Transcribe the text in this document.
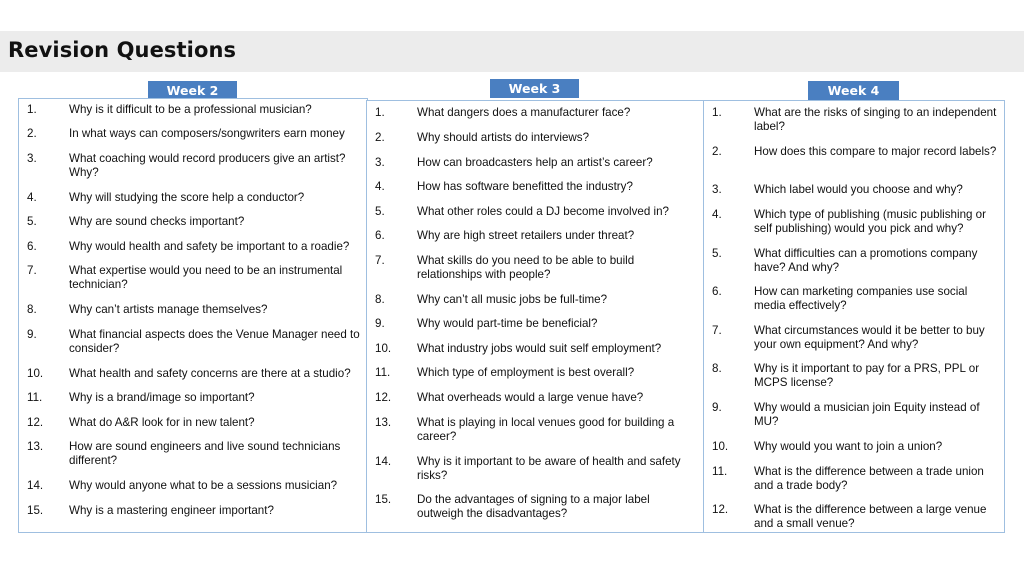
Revision Questions
Week 2
1.	Why is it difficult to be a professional musician?
2.	In what ways can composers/songwriters earn money
3.	What coaching would record producers give an artist? Why?
4.	Why will studying the score help a conductor?
5.	Why are sound checks important?
6.	Why would health and safety be important to a roadie?
7.	What expertise would you need to be an instrumental technician?
8.	Why can’t artists manage themselves?
9.	What financial aspects does the Venue Manager need to consider?
10. What health and safety concerns are there at a studio?
11. Why is a brand/image so important?
12. What do A&R look for in new talent?
13. How are sound engineers and live sound technicians different?
14. Why would anyone what to be a sessions musician?
15. Why is a mastering engineer important?
Week 3
1.	What dangers does a manufacturer face?
2.	Why should artists do interviews?
3.	How can broadcasters help an artist’s career?
4.	How has software benefitted the industry?
5.	What other roles could a DJ become involved in?
6.	Why are high street retailers under threat?
7.	What skills do you need to be able to build relationships with people?
8.	Why can’t all music jobs be full-time?
9.	Why would part-time be beneficial?
10. What industry jobs would suit self employment?
11. Which type of employment is best overall?
12. What overheads would a large venue have?
13. What is playing in local venues good for building a career?
14. Why is it important to be aware of health and safety risks?
15. Do the advantages of signing to a major label outweigh the disadvantages?
Week 4
1.	What are the risks of singing to an independent label?
2.	How does this compare to major record labels?
3.	Which label would you choose and why?
4.	Which type of publishing (music publishing or self publishing) would you pick and why?
5.	What difficulties can a promotions company have? And why?
6.	How can marketing companies use social media effectively?
7.	What circumstances would it be better to buy your own equipment? And why?
8.	Why is it important to pay for a PRS, PPL or MCPS license?
9.	Why would a musician join Equity instead of MU?
10. Why would you want to join a union?
11. What is the difference between a trade union and a trade body?
12. What is the difference between a large venue and a small venue?
